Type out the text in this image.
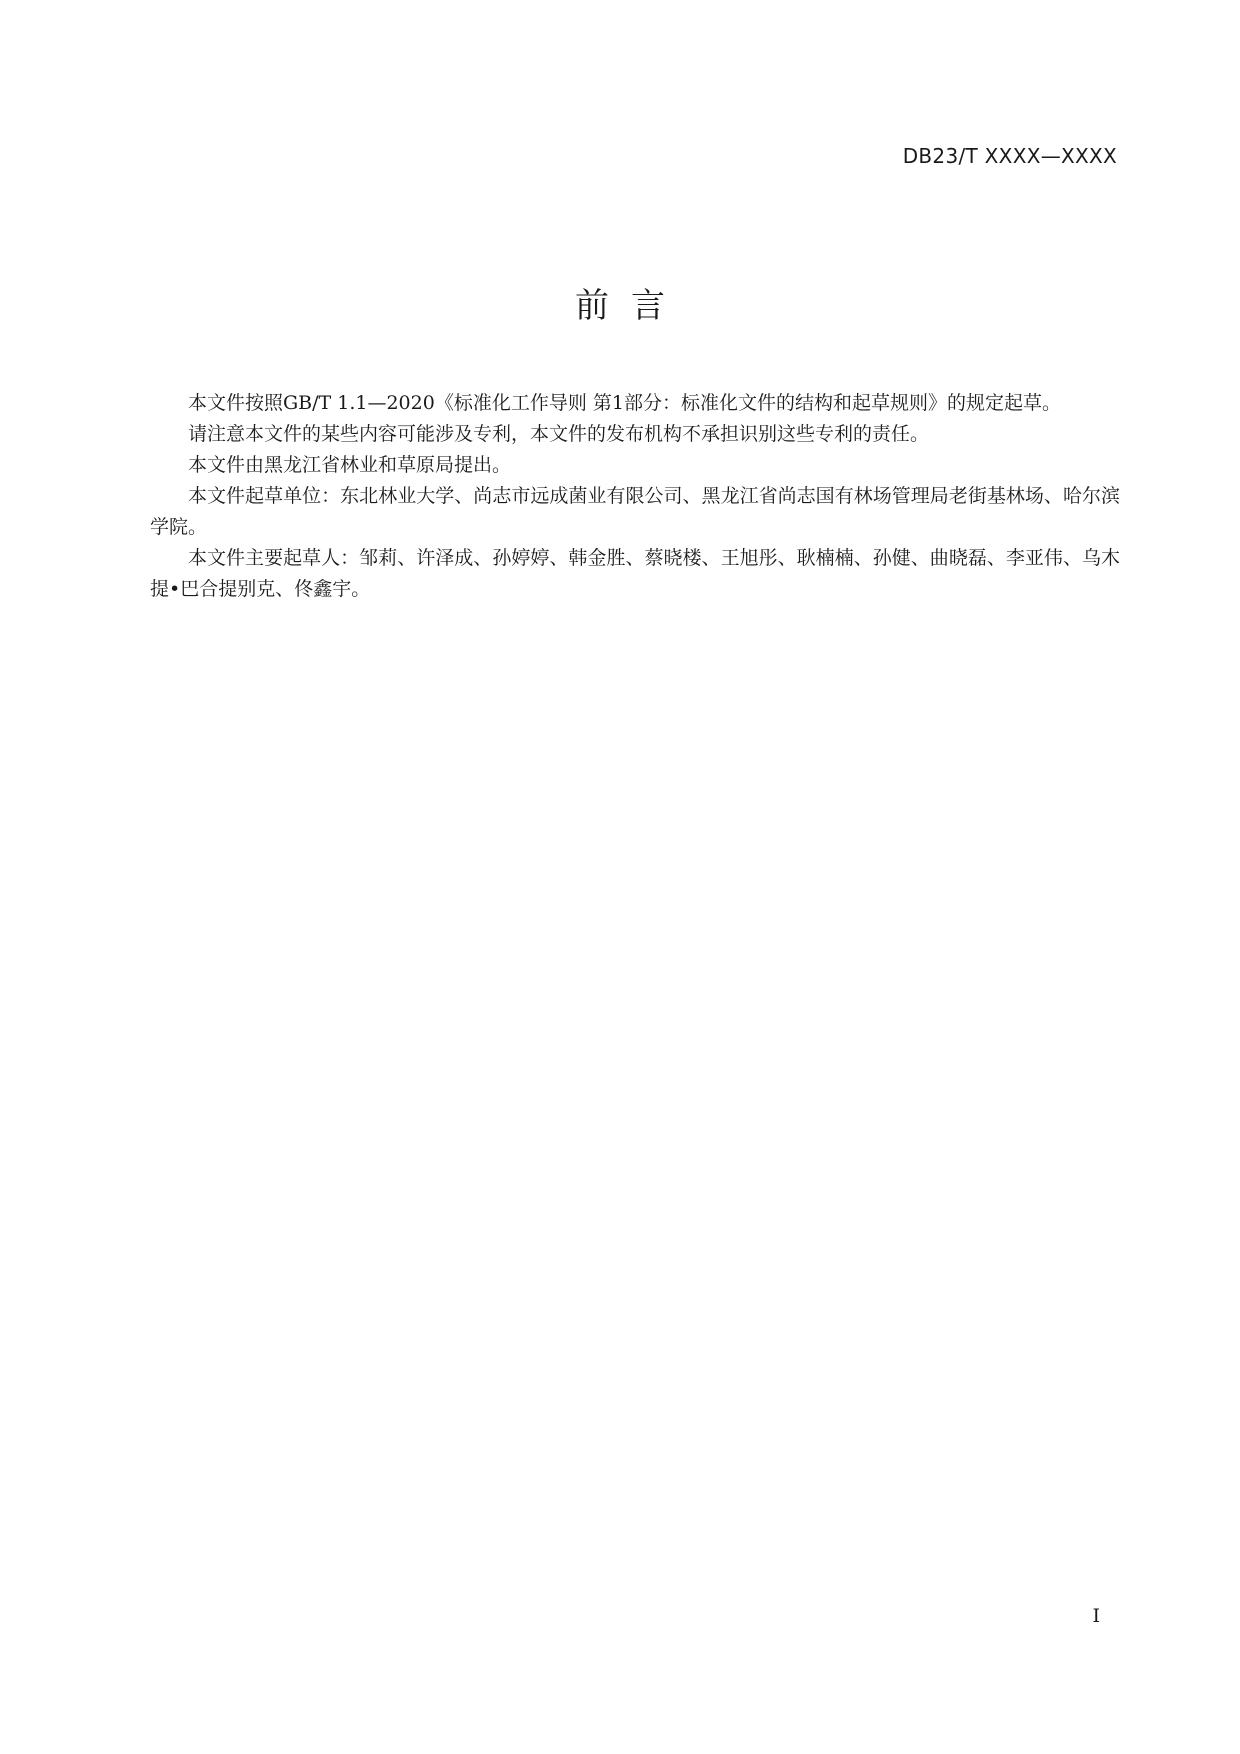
DB23/T XXXX—XXXX
前言

本文件按照GB/T 1.1—2020《标准化工作导则 第1部分：标准化文件的结构和起草规则》的规定起草。

请注意本文件的某些内容可能涉及专利，本文件的发布机构不承担识别这些专利的责任。

本文件由黑龙江省林业和草原局提出。

本文件起草单位：东北林业大学、尚志市远成菌业有限公司、黑龙江省尚志国有林场管理局老街基林场、哈尔滨学院。

本文件主要起草人：邹莉、许泽成、孙婷婷、韩金胜、蔡晓楼、王旭彤、耿楠楠、孙健、曲晓磊、李亚伟、乌木提•巴合提别克、佟鑫宇。

I
